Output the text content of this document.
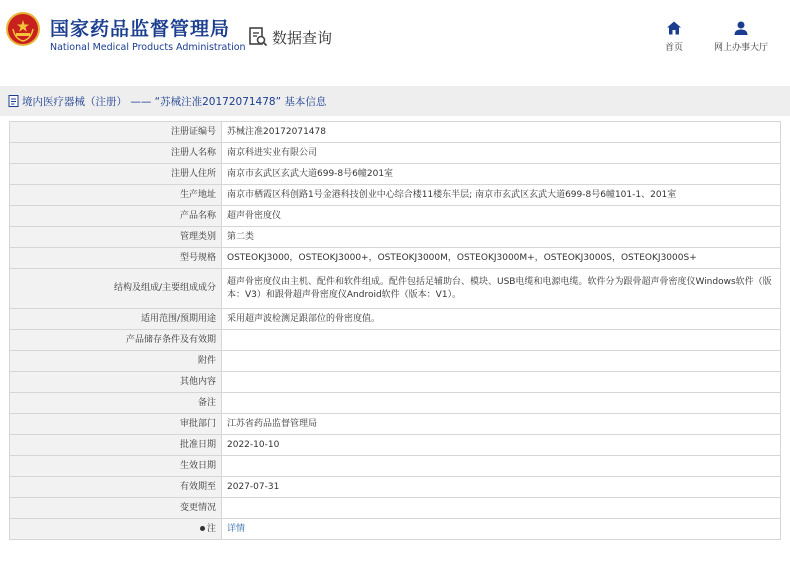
国家药品监督管理局
National Medical Products Administration
数据查询
首页	网上办事大厅
境内医疗器械（注册） —— “苏械注准20172071478” 基本信息
注册证编号	苏械注准20172071478
注册人名称	南京科进实业有限公司
注册人住所	南京市玄武区玄武大道699-8号6幢201室
生产地址	南京市栖霞区科创路1号金港科技创业中心综合楼11楼东半层; 南京市玄武区玄武大道699-8号6幢101-1、201室
产品名称	超声骨密度仪
管理类别	第二类
型号规格	OSTEOKJ3000，OSTEOKJ3000+，OSTEOKJ3000M，OSTEOKJ3000M+，OSTEOKJ3000S，OSTEOKJ3000S+
结构及组成/主要组成成分	超声骨密度仪由主机、配件和软件组成。配件包括足辅助台、模块、USB电缆和电源电缆。软件分为跟骨超声骨密度仪Windows软件（版本：V3）和跟骨超声骨密度仪Android软件（版本：V1）。
适用范围/预期用途	采用超声波检测足跟部位的骨密度值。
产品储存条件及有效期	
附件	
其他内容	
备注	
审批部门	江苏省药品监督管理局
批准日期	2022-10-10
生效日期	
有效期至	2027-07-31
变更情况	
注	详情
